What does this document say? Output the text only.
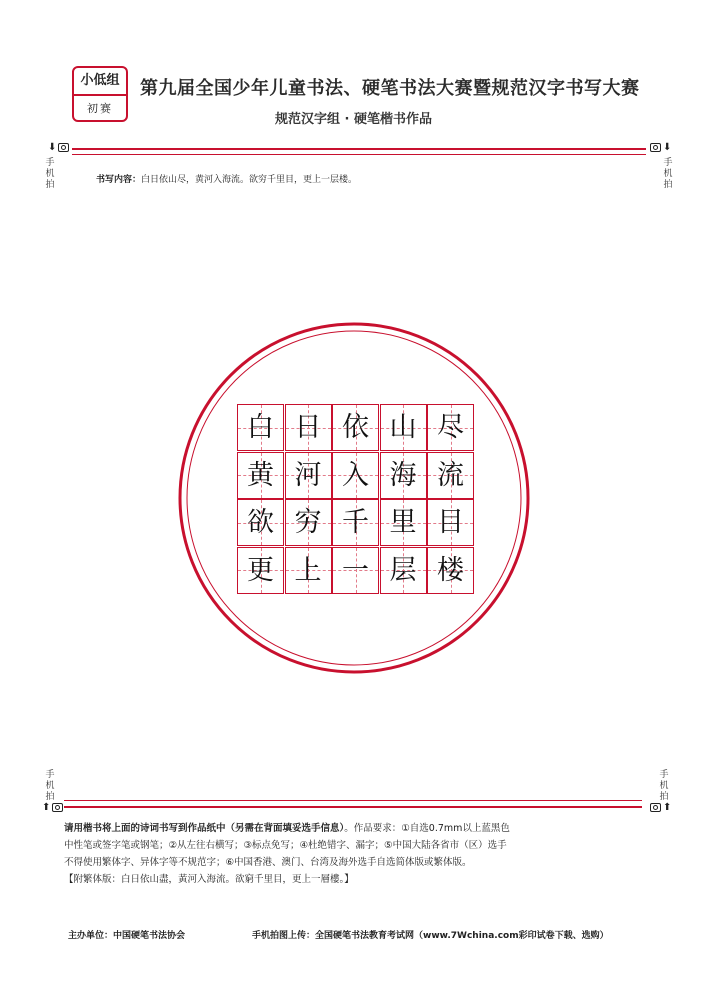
小低组
初赛
第九届全国少年儿童书法、硬笔书法大赛暨规范汉字书写大赛
规范汉字组 · 硬笔楷书作品
⬇	⬇
手机拍
手机拍
书写内容：白日依山尽，黄河入海流。欲穷千里目，更上一层楼。
白 日 依 山 尽
黄 河 入 海 流
欲 穷 千 里 目
更 上 一 层 楼
手机拍
手机拍
⬆	⬆
请用楷书将上面的诗词书写到作品纸中（另需在背面填妥选手信息）。作品要求：①自选0.7mm以上蓝黑色
中性笔或签字笔或钢笔；②从左往右横写；③标点免写；④杜绝错字、漏字；⑤中国大陆各省市（区）选手
不得使用繁体字、异体字等不规范字；⑥中国香港、澳门、台湾及海外选手自选简体版或繁体版。
【附繁体版：白日依山盡，黃河入海流。欲窮千里目，更上一層樓。】
主办单位：中国硬笔书法协会	手机拍图上传：全国硬笔书法教育考试网（www.7Wchina.com彩印试卷下载、选购）
